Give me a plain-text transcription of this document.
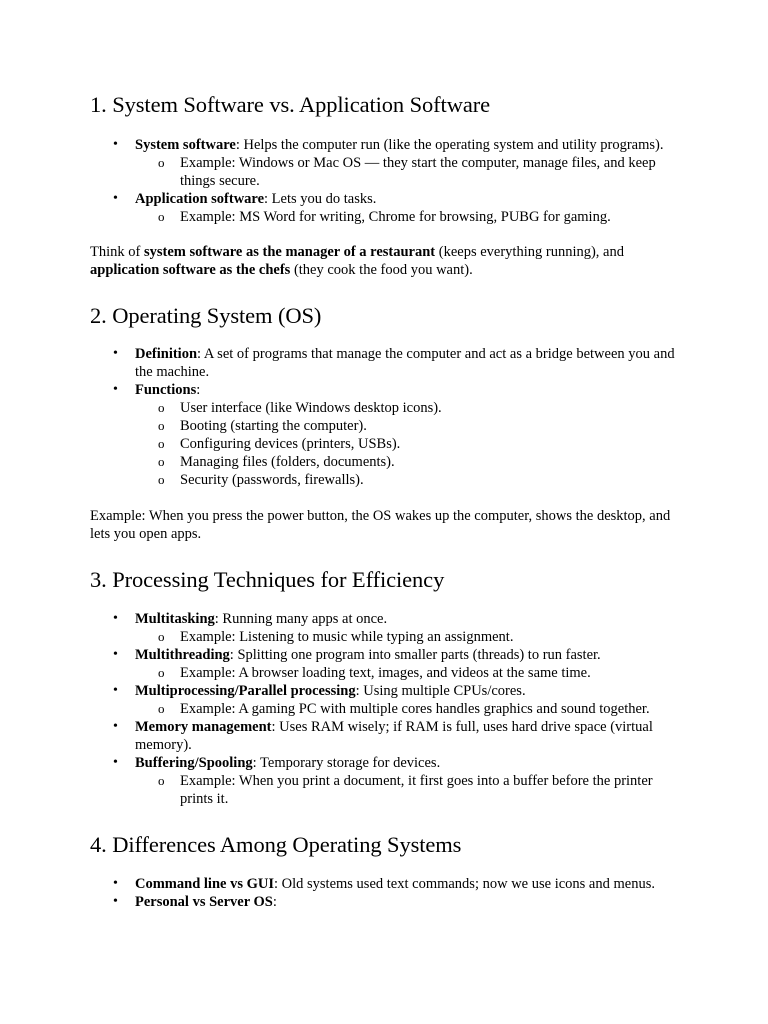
1. System Software vs. Application Software
• System software: Helps the computer run (like the operating system and utility programs).
o Example: Windows or Mac OS — they start the computer, manage files, and keep things secure.
• Application software: Lets you do tasks.
o Example: MS Word for writing, Chrome for browsing, PUBG for gaming.

Think of system software as the manager of a restaurant (keeps everything running), and application software as the chefs (they cook the food you want).

2. Operating System (OS)
• Definition: A set of programs that manage the computer and act as a bridge between you and the machine.
• Functions:
o User interface (like Windows desktop icons).
o Booting (starting the computer).
o Configuring devices (printers, USBs).
o Managing files (folders, documents).
o Security (passwords, firewalls).

Example: When you press the power button, the OS wakes up the computer, shows the desktop, and lets you open apps.

3. Processing Techniques for Efficiency
• Multitasking: Running many apps at once.
o Example: Listening to music while typing an assignment.
• Multithreading: Splitting one program into smaller parts (threads) to run faster.
o Example: A browser loading text, images, and videos at the same time.
• Multiprocessing/Parallel processing: Using multiple CPUs/cores.
o Example: A gaming PC with multiple cores handles graphics and sound together.
• Memory management: Uses RAM wisely; if RAM is full, uses hard drive space (virtual memory).
• Buffering/Spooling: Temporary storage for devices.
o Example: When you print a document, it first goes into a buffer before the printer prints it.
4. Differences Among Operating Systems
• Command line vs GUI: Old systems used text commands; now we use icons and menus.
• Personal vs Server OS:
